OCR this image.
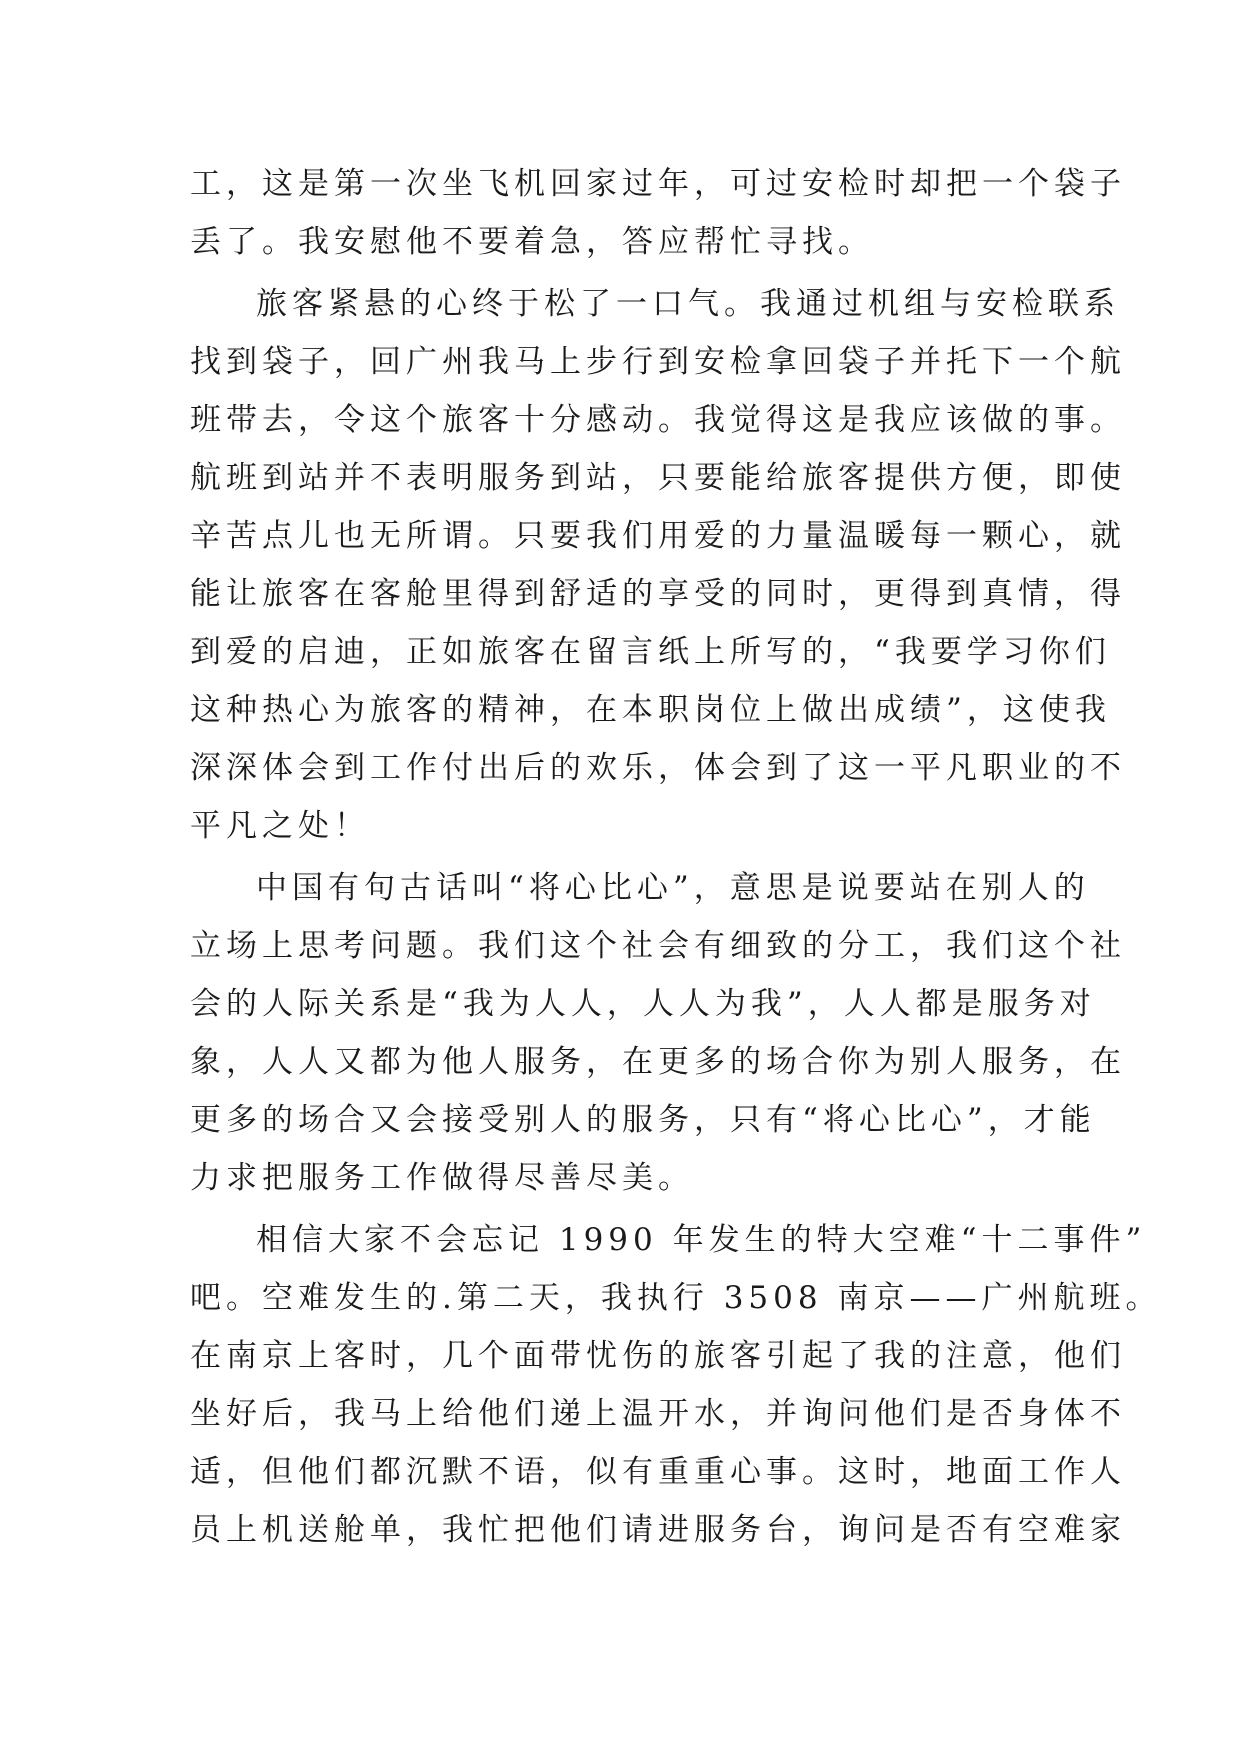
工，这是第一次坐飞机回家过年，可过安检时却把一个袋子
丢了。我安慰他不要着急，答应帮忙寻找。
旅客紧悬的心终于松了一口气。我通过机组与安检联系
找到袋子，回广州我马上步行到安检拿回袋子并托下一个航
班带去，令这个旅客十分感动。我觉得这是我应该做的事。
航班到站并不表明服务到站，只要能给旅客提供方便，即使
辛苦点儿也无所谓。只要我们用爱的力量温暖每一颗心，就
能让旅客在客舱里得到舒适的享受的同时，更得到真情，得
到爱的启迪，正如旅客在留言纸上所写的，“我要学习你们
这种热心为旅客的精神，在本职岗位上做出成绩”，这使我
深深体会到工作付出后的欢乐，体会到了这一平凡职业的不
平凡之处！
中国有句古话叫“将心比心”，意思是说要站在别人的
立场上思考问题。我们这个社会有细致的分工，我们这个社
会的人际关系是“我为人人，人人为我”，人人都是服务对
象，人人又都为他人服务，在更多的场合你为别人服务，在
更多的场合又会接受别人的服务，只有“将心比心”，才能
力求把服务工作做得尽善尽美。
相信大家不会忘记 1990 年发生的特大空难“十二事件”
吧。空难发生的.第二天，我执行 3508 南京——广州航班。
在南京上客时，几个面带忧伤的旅客引起了我的注意，他们
坐好后，我马上给他们递上温开水，并询问他们是否身体不
适，但他们都沉默不语，似有重重心事。这时，地面工作人
员上机送舱单，我忙把他们请进服务台，询问是否有空难家
